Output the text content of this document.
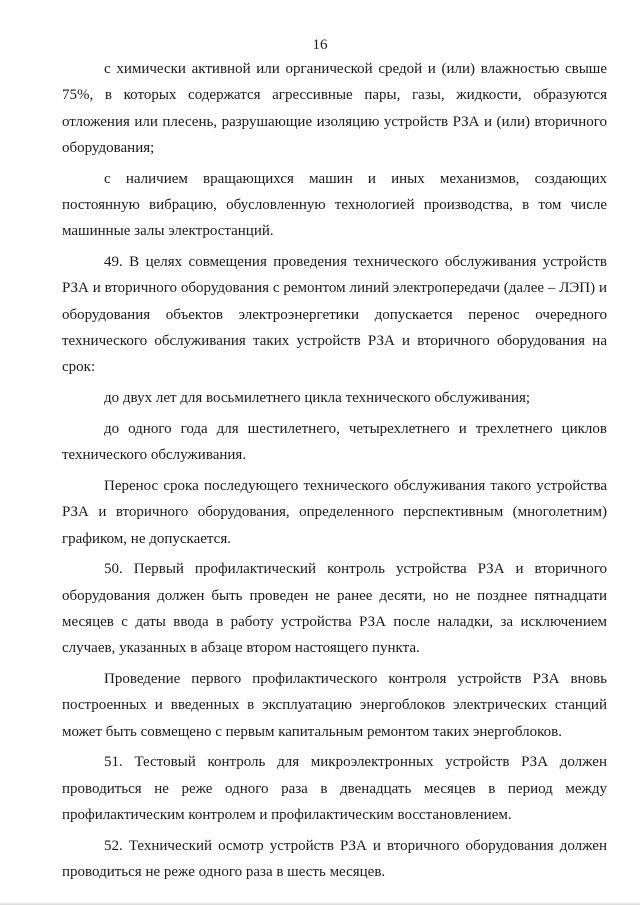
16

с химически активной или органической средой и (или) влажностью свыше 75%, в которых содержатся агрессивные пары, газы, жидкости, образуются отложения или плесень, разрушающие изоляцию устройств РЗА и (или) вторичного оборудования;

с наличием вращающихся машин и иных механизмов, создающих постоянную вибрацию, обусловленную технологией производства, в том числе машинные залы электростанций.

49. В целях совмещения проведения технического обслуживания устройств РЗА и вторичного оборудования с ремонтом линий электропередачи (далее – ЛЭП) и оборудования объектов электроэнергетики допускается перенос очередного технического обслуживания таких устройств РЗА и вторичного оборудования на срок:

до двух лет для восьмилетнего цикла технического обслуживания;

до одного года для шестилетнего, четырехлетнего и трехлетнего циклов технического обслуживания.

Перенос срока последующего технического обслуживания такого устройства РЗА и вторичного оборудования, определенного перспективным (многолетним) графиком, не допускается.

50. Первый профилактический контроль устройства РЗА и вторичного оборудования должен быть проведен не ранее десяти, но не позднее пятнадцати месяцев с даты ввода в работу устройства РЗА после наладки, за исключением случаев, указанных в абзаце втором настоящего пункта.

Проведение первого профилактического контроля устройств РЗА вновь построенных и введенных в эксплуатацию энергоблоков электрических станций может быть совмещено с первым капитальным ремонтом таких энергоблоков.

51. Тестовый контроль для микроэлектронных устройств РЗА должен проводиться не реже одного раза в двенадцать месяцев в период между профилактическим контролем и профилактическим восстановлением.

52. Технический осмотр устройств РЗА и вторичного оборудования должен проводиться не реже одного раза в шесть месяцев.
